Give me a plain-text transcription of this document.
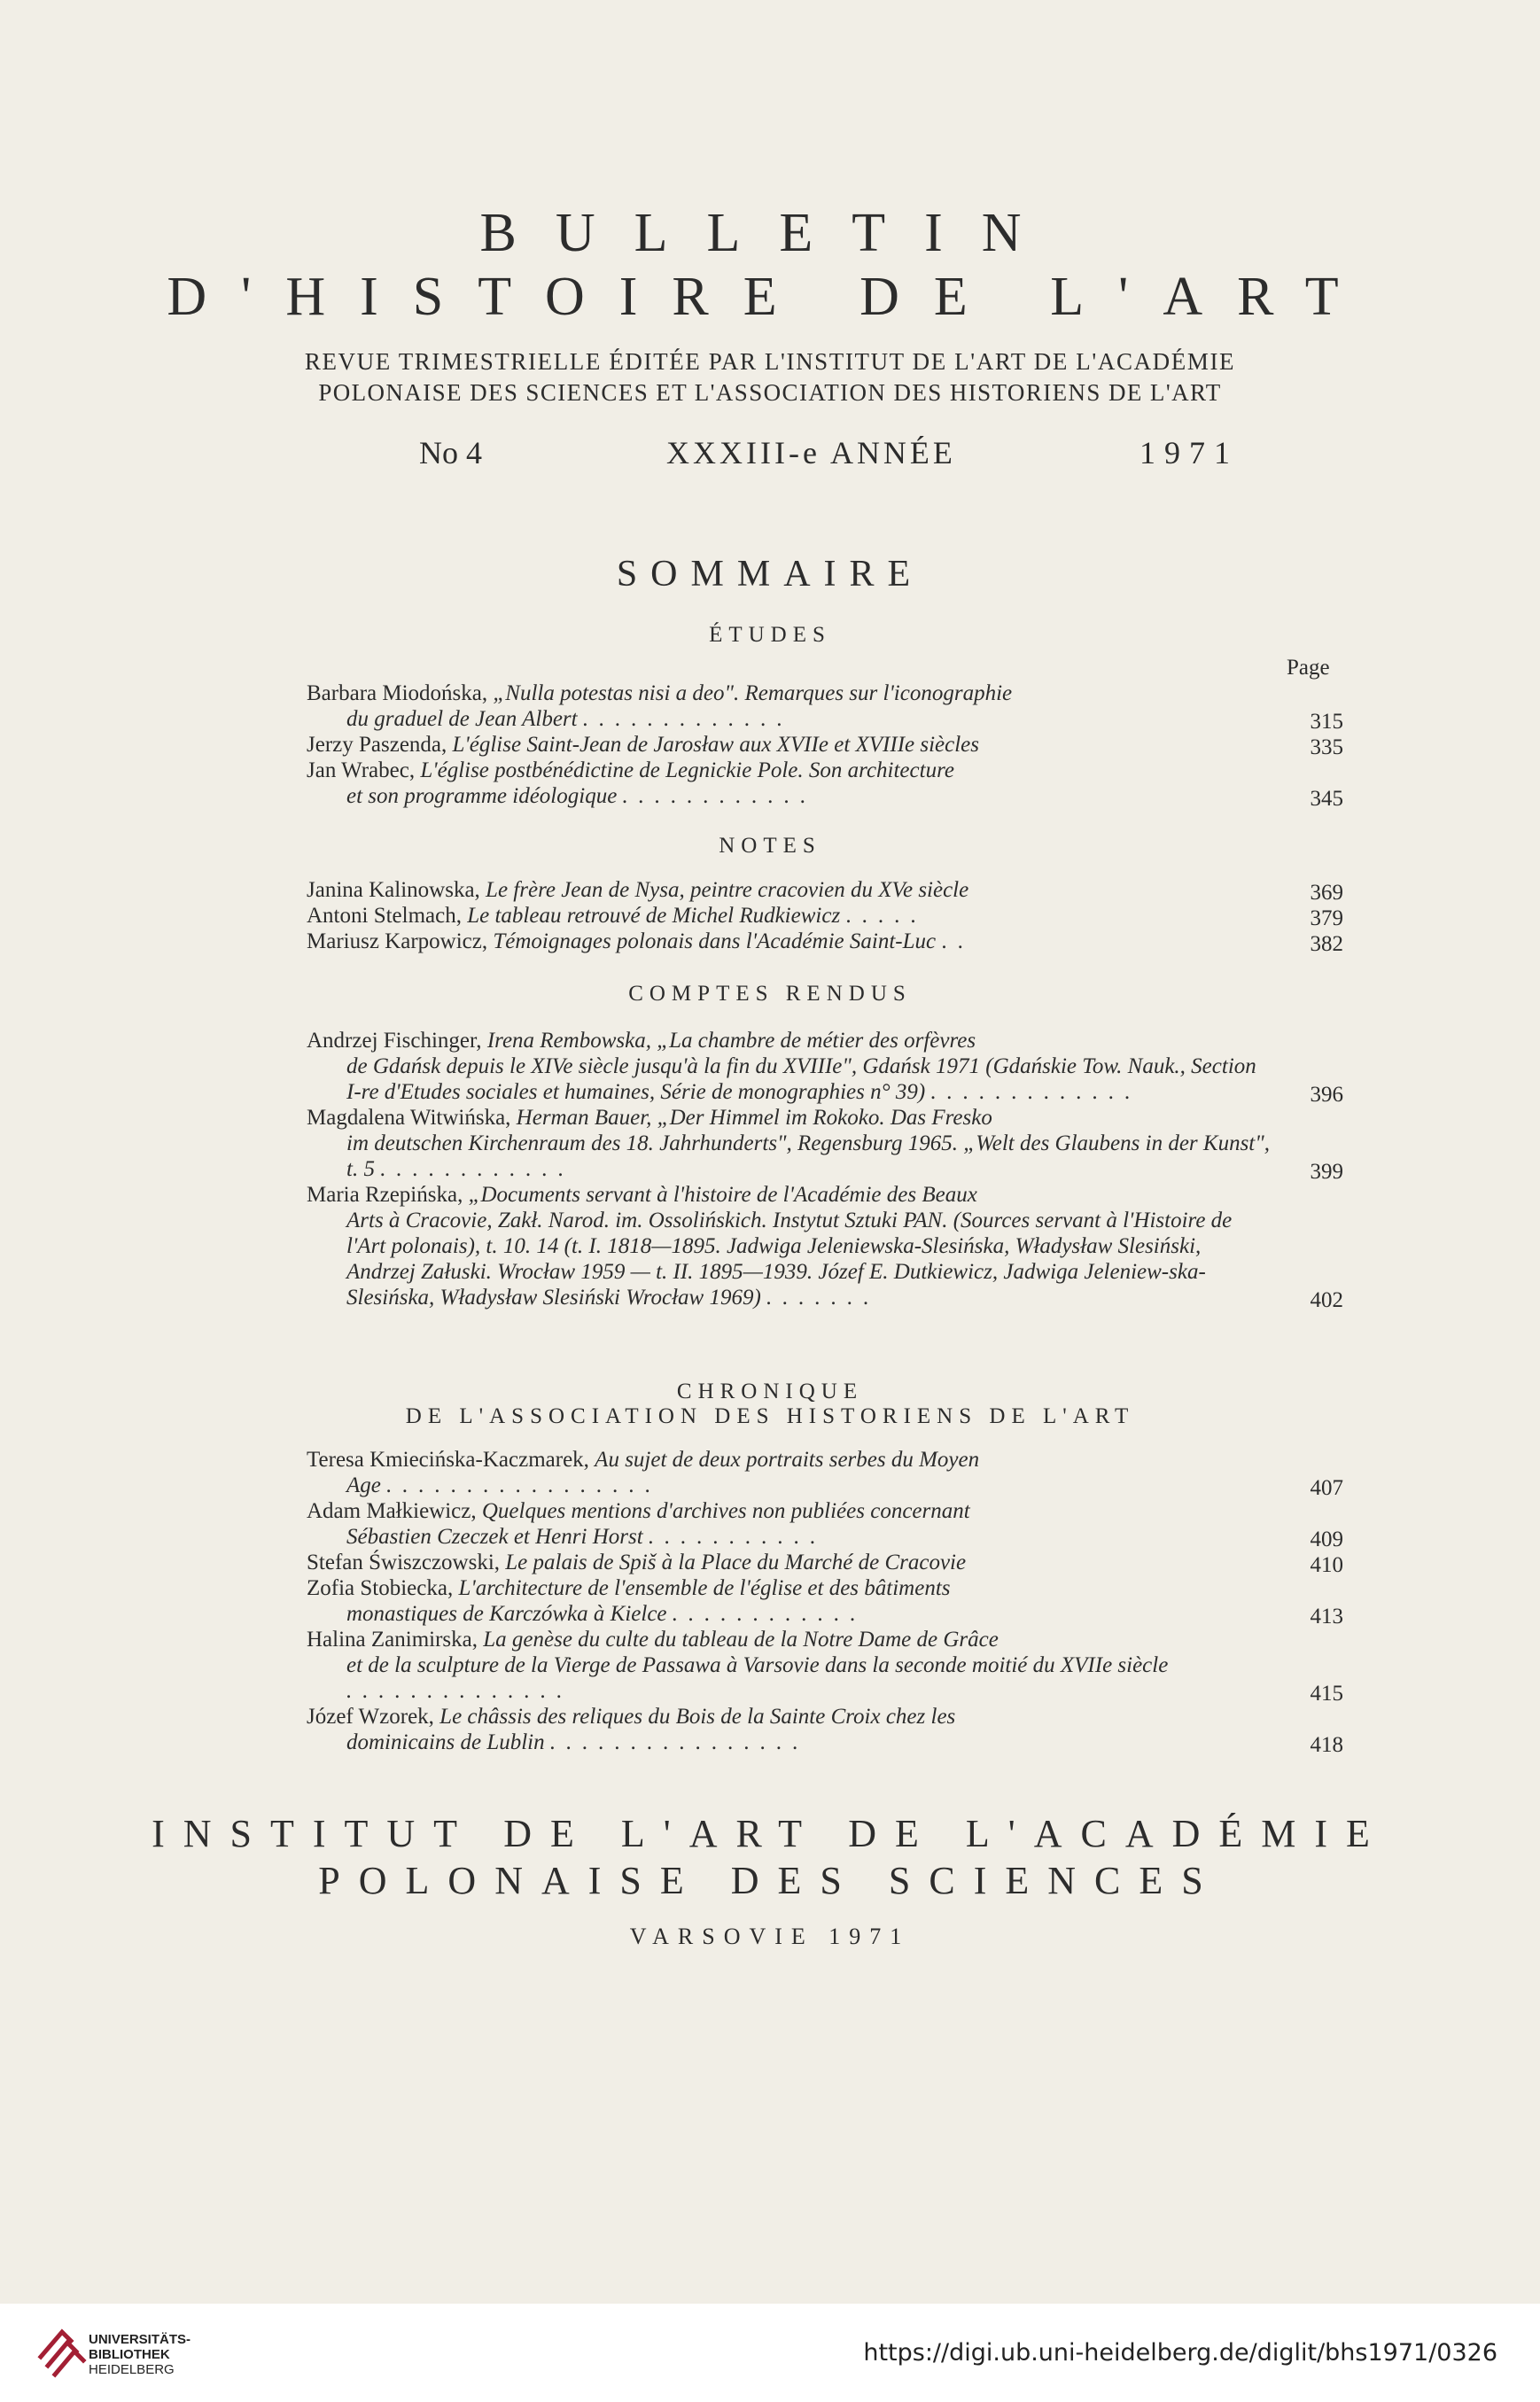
BULLETIN
D'HISTOIRE DE L'ART
REVUE TRIMESTRIELLE ÉDITÉE PAR L'INSTITUT DE L'ART DE L'ACADÉMIE
POLONAISE DES SCIENCES ET L'ASSOCIATION DES HISTORIENS DE L'ART
No 4	XXXIII-e ANNÉE	1971
SOMMAIRE
ÉTUDES
Page
Barbara Miodońska, „Nulla potestas nisi a deo". Remarques sur l'iconographie
du graduel de Jean Albert .............	315
Jerzy Paszenda, L'église Saint-Jean de Jarosław aux XVIIe et XVIIIe siècles	335
Jan Wrabec, L'église postbénédictine de Legnickie Pole. Son architecture
et son programme idéologique ............	345
NOTES
Janina Kalinowska, Le frère Jean de Nysa, peintre cracovien du XVe siècle	369
Antoni Stelmach, Le tableau retrouvé de Michel Rudkiewicz .....	379
Mariusz Karpowicz, Témoignages polonais dans l'Académie Saint-Luc ..	382
COMPTES RENDUS
Andrzej Fischinger, Irena Rembowska, „La chambre de métier des orfèvres
de Gdańsk depuis le XIVe siècle jusqu'à la fin du XVIIIe", Gdańsk 1971 (Gdańskie Tow. Nauk., Section I-re d'Etudes sociales et humaines, Série de monographies n° 39) .............	396
Magdalena Witwińska, Herman Bauer, „Der Himmel im Rokoko. Das Fresko
im deutschen Kirchenraum des 18. Jahrhunderts", Regensburg 1965. „Welt des Glaubens in der Kunst", t. 5 ............	399
Maria Rzepińska, „Documents servant à l'histoire de l'Académie des Beaux
Arts à Cracovie, Zakł. Narod. im. Ossolińskich. Instytut Sztuki PAN. (Sources servant à l'Histoire de l'Art polonais), t. 10. 14 (t. I. 1818—1895. Jadwiga Jeleniewska-Slesińska, Władysław Slesiński, Andrzej Załuski. Wrocław 1959 — t. II. 1895—1939. Józef E. Dutkiewicz, Jadwiga Jeleniew-ska-Slesińska, Władysław Slesiński Wrocław 1969) .......	402
CHRONIQUE
DE L'ASSOCIATION DES HISTORIENS DE L'ART
Teresa Kmiecińska-Kaczmarek, Au sujet de deux portraits serbes du Moyen
Age .................	407
Adam Małkiewicz, Quelques mentions d'archives non publiées concernant
Sébastien Czeczek et Henri Horst ...........	409
Stefan Świszczowski, Le palais de Spiš à la Place du Marché de Cracovie	410
Zofia Stobiecka, L'architecture de l'ensemble de l'église et des bâtiments
monastiques de Karczówka à Kielce ............	413
Halina Zanimirska, La genèse du culte du tableau de la Notre Dame de Grâce
et de la sculpture de la Vierge de Passawa à Varsovie dans la seconde moitié du XVIIe siècle ..............	415
Józef Wzorek, Le châssis des reliques du Bois de la Sainte Croix chez les
dominicains de Lublin ................	418
INSTITUT DE L'ART DE L'ACADÉMIE
POLONAISE DES SCIENCES
VARSOVIE 1971
UNIVERSITÄTS-
BIBLIOTHEK
HEIDELBERG
https://digi.ub.uni-heidelberg.de/diglit/bhs1971/0326
